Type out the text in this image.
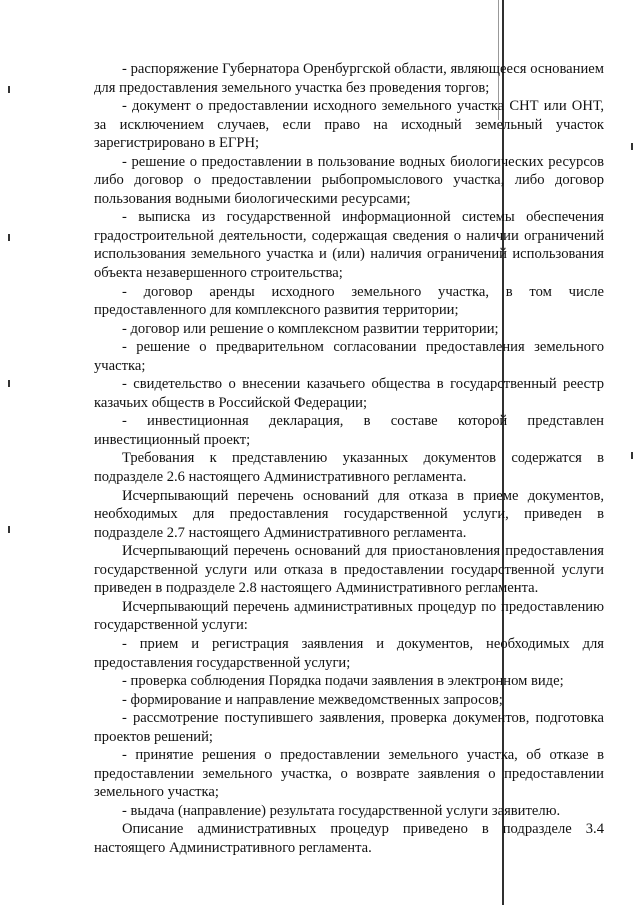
- распоряжение Губернатора Оренбургской области, являющееся основанием для предоставления земельного участка без проведения торгов;

- документ о предоставлении исходного земельного участка СНТ или ОНТ, за исключением случаев, если право на исходный земельный участок зарегистрировано в ЕГРН;

- решение о предоставлении в пользование водных биологических ресурсов либо договор о предоставлении рыбопромыслового участка, либо договор пользования водными биологическими ресурсами;

- выписка из государственной информационной системы обеспечения градостроительной деятельности, содержащая сведения о наличии ограничений использования земельного участка и (или) наличия ограничений использования объекта незавершенного строительства;

- договор аренды исходного земельного участка, в том числе предоставленного для комплексного развития территории;

- договор или решение о комплексном развитии территории;

- решение о предварительном согласовании предоставления земельного участка;

- свидетельство о внесении казачьего общества в государственный реестр казачьих обществ в Российской Федерации;

- инвестиционная декларация, в составе которой представлен инвестиционный проект;

Требования к представлению указанных документов содержатся в подразделе 2.6 настоящего Административного регламента.

Исчерпывающий перечень оснований для отказа в приеме документов, необходимых для предоставления государственной услуги, приведен в подразделе 2.7 настоящего Административного регламента.

Исчерпывающий перечень оснований для приостановления предоставления государственной услуги или отказа в предоставлении государственной услуги приведен в подразделе 2.8 настоящего Административного регламента.

Исчерпывающий перечень административных процедур по предоставлению государственной услуги:

- прием и регистрация заявления и документов, необходимых для предоставления государственной услуги;

- проверка соблюдения Порядка подачи заявления в электронном виде;

- формирование и направление межведомственных запросов;

- рассмотрение поступившего заявления, проверка документов, подготовка проектов решений;

- принятие решения о предоставлении земельного участка, об отказе в предоставлении земельного участка, о возврате заявления о предоставлении земельного участка;

- выдача (направление) результата государственной услуги заявителю.

Описание административных процедур приведено в подразделе 3.4 настоящего Административного регламента.
